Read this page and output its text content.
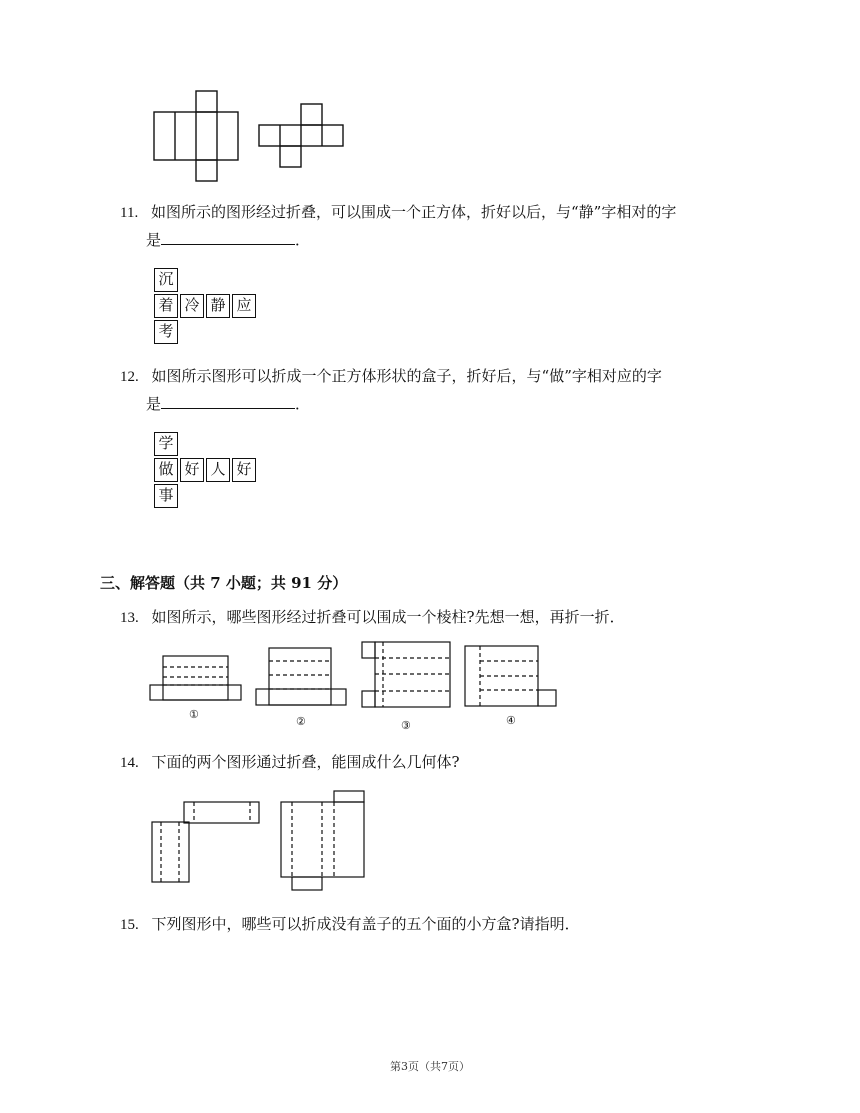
11. 如图所示的图形经过折叠，可以围成一个正方体，折好以后，与“静”字相对的字
是	．
沉
着 冷 静 应
考
12. 如图所示图形可以折成一个正方体形状的盒子，折好后，与“做”字相对应的字
是	．
学
做 好 人 好
事
三、解答题（共 7 小题；共 91 分）
13. 如图所示，哪些图形经过折叠可以围成一个棱柱?先想一想，再折一折．
①
②	③	④
14. 下面的两个图形通过折叠，能围成什么几何体?
15. 下列图形中，哪些可以折成没有盖子的五个面的小方盒?请指明．
第3页（共7页）
